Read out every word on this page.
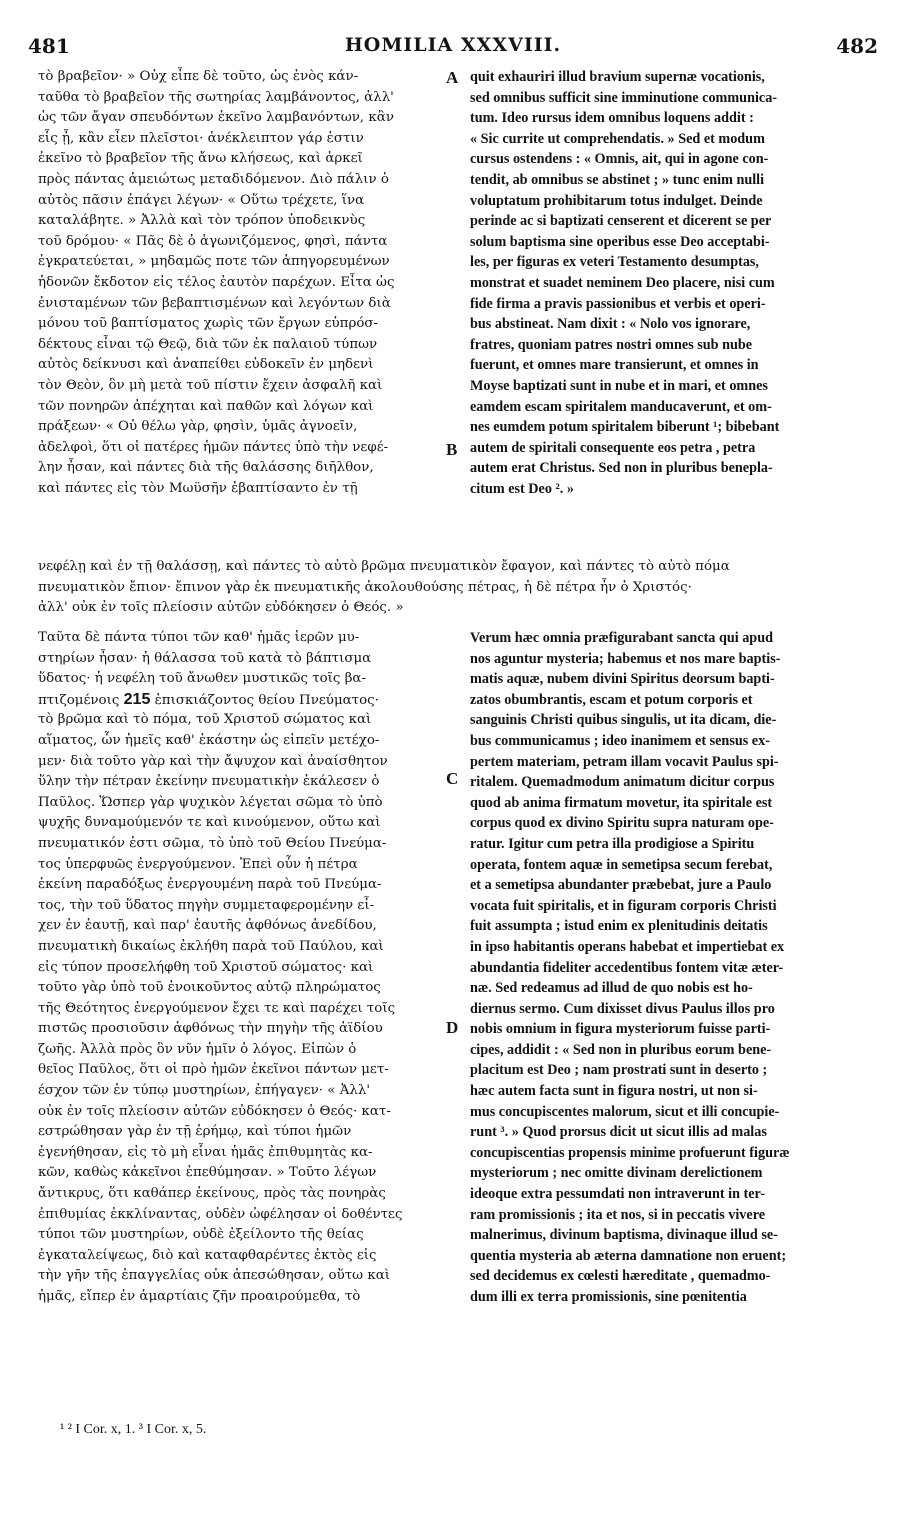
481	HOMILIA XXXVIII.	482
A
B
C
D
τὸ βραβεῖον· » Οὐχ εἶπε δὲ τοῦτο, ὡς ἑνὸς κάν-
ταῦθα τὸ βραβεῖον τῆς σωτηρίας λαμβάνοντος, ἀλλ'
ὡς τῶν ἄγαν σπευδόντων ἐκεῖνο λαμβανόντων, κἂν
εἷς ᾖ, κἂν εἶεν πλεῖστοι· ἀνέκλειπτον γάρ ἐστιν
ἐκεῖνο τὸ βραβεῖον τῆς ἄνω κλήσεως, καὶ ἀρκεῖ
πρὸς πάντας ἀμειώτως μεταδιδόμενον. Διὸ πάλιν ὁ
αὐτὸς πᾶσιν ἐπάγει λέγων· « Οὕτω τρέχετε, ἵνα
καταλάβητε. » Ἀλλὰ καὶ τὸν τρόπον ὑποδεικνὺς
τοῦ δρόμου· « Πᾶς δὲ ὁ ἀγωνιζόμενος, φησὶ, πάντα
ἐγκρατεύεται, » μηδαμῶς ποτε τῶν ἀπηγορευμένων
ἡδονῶν ἔκδοτον εἰς τέλος ἑαυτὸν παρέχων. Εἶτα ὡς
ἐνισταμένων τῶν βεβαπτισμένων καὶ λεγόντων διὰ
μόνου τοῦ βαπτίσματος χωρὶς τῶν ἔργων εὐπρόσ-
δέκτους εἶναι τῷ Θεῷ, διὰ τῶν ἐκ παλαιοῦ τύπων
αὐτὸς δείκνυσι καὶ ἀναπείθει εὐδοκεῖν ἐν μηδενὶ
τὸν Θεὸν, ὃν μὴ μετὰ τοῦ πίστιν ἔχειν ἀσφαλῆ καὶ
τῶν πονηρῶν ἀπέχηται καὶ παθῶν καὶ λόγων καὶ
πράξεων· « Οὐ θέλω γὰρ, φησὶν, ὑμᾶς ἀγνοεῖν,
ἀδελφοὶ, ὅτι οἱ πατέρες ἡμῶν πάντες ὑπὸ τὴν νεφέ-
λην ἦσαν, καὶ πάντες διὰ τῆς θαλάσσης διῆλθον,
καὶ πάντες εἰς τὸν Μωϋσῆν ἐβαπτίσαντο ἐν τῇ
quit exhauriri illud bravium supernæ vocationis,
sed omnibus sufficit sine imminutione communica-
tum. Ideo rursus idem omnibus loquens addit :
« Sic currite ut comprehendatis. » Sed et modum
cursus ostendens : « Omnis, ait, qui in agone con-
tendit, ab omnibus se abstinet ; » tunc enim nulli
voluptatum prohibitarum totus indulget. Deinde
perinde ac si baptizati censerent et dicerent se per
solum baptisma sine operibus esse Deo acceptabi-
les, per figuras ex veteri Testamento desumptas,
monstrat et suadet neminem Deo placere, nisi cum
fide firma a pravis passionibus et verbis et operi-
bus abstineat. Nam dixit : « Nolo vos ignorare,
fratres, quoniam patres nostri omnes sub nube
fuerunt, et omnes mare transierunt, et omnes in
Moyse baptizati sunt in nube et in mari, et omnes
eamdem escam spiritalem manducaverunt, et om-
nes eumdem potum spiritalem biberunt ¹; bibebant
autem de spiritali consequente eos petra , petra
autem erat Christus. Sed non in pluribus benepla-
citum est Deo ². »
νεφέλῃ καὶ ἐν τῇ θαλάσσῃ, καὶ πάντες τὸ αὐτὸ βρῶμα πνευματικὸν ἔφαγον, καὶ πάντες τὸ αὐτὸ πόμα
πνευματικὸν ἔπιον· ἔπινον γὰρ ἐκ πνευματικῆς ἀκολουθούσης πέτρας, ἡ δὲ πέτρα ἦν ὁ Χριστός·
ἀλλ' οὐκ ἐν τοῖς πλείοσιν αὐτῶν εὐδόκησεν ὁ Θεός. »
Ταῦτα δὲ πάντα τύποι τῶν καθ' ἡμᾶς ἱερῶν μυ-
στηρίων ἦσαν· ἡ θάλασσα τοῦ κατὰ τὸ βάπτισμα
ὕδατος· ἡ νεφέλη τοῦ ἄνωθεν μυστικῶς τοῖς βα-
πτιζομένοις 215 ἐπισκιάζοντος θείου Πνεύματος·
τὸ βρῶμα καὶ τὸ πόμα, τοῦ Χριστοῦ σώματος καὶ
αἵματος, ὧν ἡμεῖς καθ' ἑκάστην ὡς εἰπεῖν μετέχο-
μεν· διὰ τοῦτο γὰρ καὶ τὴν ἄψυχον καὶ ἀναίσθητον
ὕλην τὴν πέτραν ἐκείνην πνευματικὴν ἐκάλεσεν ὁ
Παῦλος. Ὥσπερ γὰρ ψυχικὸν λέγεται σῶμα τὸ ὑπὸ
ψυχῆς δυναμούμενόν τε καὶ κινούμενον, οὕτω καὶ
πνευματικόν ἐστι σῶμα, τὸ ὑπὸ τοῦ Θείου Πνεύμα-
τος ὑπερφυῶς ἐνεργούμενον. Ἐπεὶ οὖν ἡ πέτρα
ἐκείνη παραδόξως ἐνεργουμένη παρὰ τοῦ Πνεύμα-
τος, τὴν τοῦ ὕδατος πηγὴν συμμεταφερομένην εἶ-
χεν ἐν ἑαυτῇ, καὶ παρ' ἑαυτῆς ἀφθόνως ἀνεδίδου,
πνευματικὴ δικαίως ἐκλήθη παρὰ τοῦ Παύλου, καὶ
εἰς τύπον προσελήφθη τοῦ Χριστοῦ σώματος· καὶ
τοῦτο γὰρ ὑπὸ τοῦ ἐνοικοῦντος αὐτῷ πληρώματος
τῆς Θεότητος ἐνεργούμενον ἔχει τε καὶ παρέχει τοῖς
πιστῶς προσιοῦσιν ἀφθόνως τὴν πηγὴν τῆς ἀϊδίου
ζωῆς. Ἀλλὰ πρὸς ὃν νῦν ἡμῖν ὁ λόγος. Εἰπὼν ὁ
θεῖος Παῦλος, ὅτι οἱ πρὸ ἡμῶν ἐκεῖνοι πάντων μετ-
έσχον τῶν ἐν τύπῳ μυστηρίων, ἐπήγαγεν· « Ἀλλ'
οὐκ ἐν τοῖς πλείοσιν αὐτῶν εὐδόκησεν ὁ Θεός· κατ-
εστρώθησαν γὰρ ἐν τῇ ἐρήμῳ, καὶ τύποι ἡμῶν
ἐγενήθησαν, εἰς τὸ μὴ εἶναι ἡμᾶς ἐπιθυμητὰς κα-
κῶν, καθὼς κἀκεῖνοι ἐπεθύμησαν. » Τοῦτο λέγων
ἄντικρυς, ὅτι καθάπερ ἐκείνους, πρὸς τὰς πονηρὰς
ἐπιθυμίας ἐκκλίναντας, οὐδὲν ὠφέλησαν οἱ δοθέντες
τύποι τῶν μυστηρίων, οὐδὲ ἐξείλοντο τῆς θείας
ἐγκαταλείψεως, διὸ καὶ καταφθαρέντες ἐκτὸς εἰς
τὴν γῆν τῆς ἐπαγγελίας οὐκ ἀπεσώθησαν, οὕτω καὶ
ἡμᾶς, εἴπερ ἐν ἁμαρτίαις ζῆν προαιρούμεθα, τὸ
Verum hæc omnia præfigurabant sancta qui apud
nos aguntur mysteria; habemus et nos mare baptis-
matis aquæ, nubem divini Spiritus deorsum bapti-
zatos obumbrantis, escam et potum corporis et
sanguinis Christi quibus singulis, ut ita dicam, die-
bus communicamus ; ideo inanimem et sensus ex-
pertem materiam, petram illam vocavit Paulus spi-
ritalem. Quemadmodum animatum dicitur corpus
quod ab anima firmatum movetur, ita spiritale est
corpus quod ex divino Spiritu supra naturam ope-
ratur. Igitur cum petra illa prodigiose a Spiritu
operata, fontem aquæ in semetipsa secum ferebat,
et a semetipsa abundanter præbebat, jure a Paulo
vocata fuit spiritalis, et in figuram corporis Christi
fuit assumpta ; istud enim ex plenitudinis deitatis
in ipso habitantis operans habebat et impertiebat ex
abundantia fideliter accedentibus fontem vitæ æter-
næ. Sed redeamus ad illud de quo nobis est ho-
diernus sermo. Cum dixisset divus Paulus illos pro
nobis omnium in figura mysteriorum fuisse parti-
cipes, addidit : « Sed non in pluribus eorum bene-
placitum est Deo ; nam prostrati sunt in deserto ;
hæc autem facta sunt in figura nostri, ut non si-
mus concupiscentes malorum, sicut et illi concupie-
runt ³. » Quod prorsus dicit ut sicut illis ad malas
concupiscentias propensis minime profuerunt figuræ
mysteriorum ; nec omitte divinam derelictionem
ideoque extra pessumdati non intraverunt in ter-
ram promissionis ; ita et nos, si in peccatis vivere
malnerimus, divinum baptisma, divinaque illud se-
quentia mysteria ab æterna damnatione non eruent;
sed decidemus ex cœlesti hæreditate , quemadmo-
dum illi ex terra promissionis, sine pœnitentia
¹ ² I Cor. x, 1. ³ I Cor. x, 5.
